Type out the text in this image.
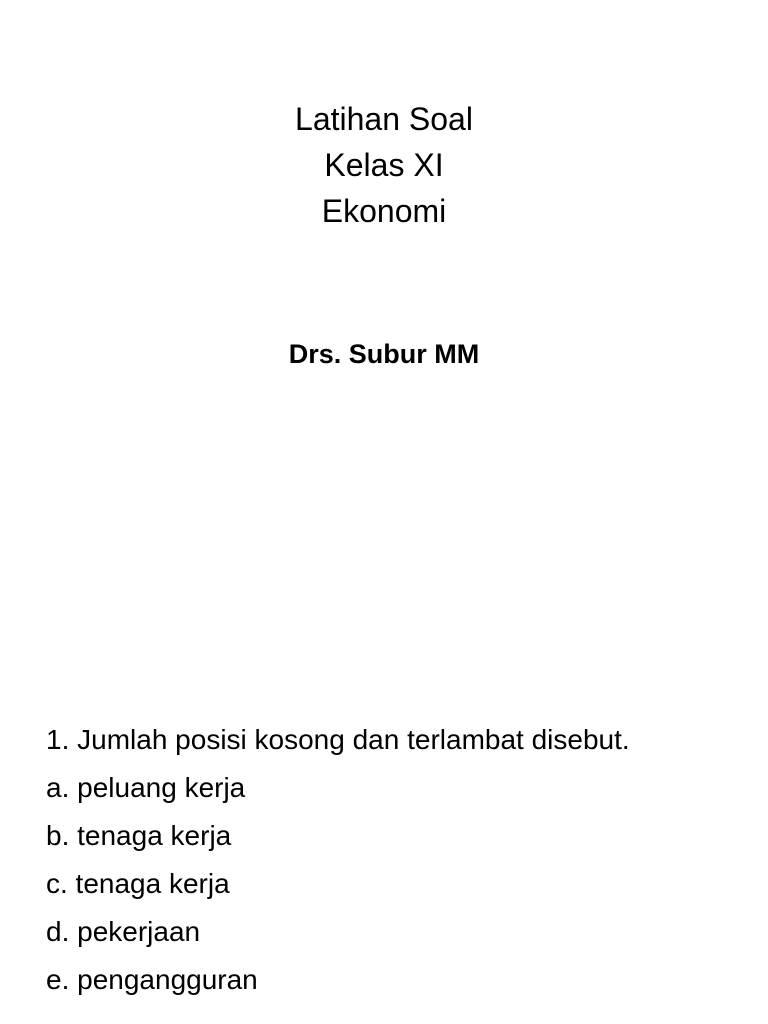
Latihan Soal
Kelas XI
Ekonomi
Drs. Subur MM
1. Jumlah posisi kosong dan terlambat disebut.
a. peluang kerja
b. tenaga kerja
c. tenaga kerja
d. pekerjaan
e. pengangguran
